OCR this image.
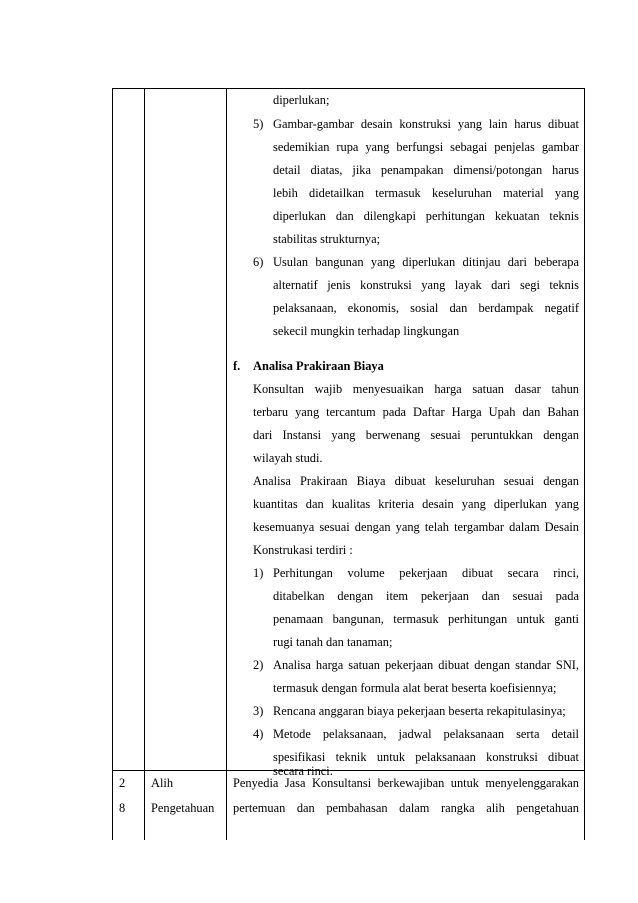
diperlukan;
5) Gambar-gambar desain konstruksi yang lain harus dibuat
sedemikian rupa yang berfungsi sebagai penjelas gambar
detail diatas, jika penampakan dimensi/potongan harus
lebih didetailkan termasuk keseluruhan material yang
diperlukan dan dilengkapi perhitungan kekuatan teknis
stabilitas strukturnya;
6) Usulan bangunan yang diperlukan ditinjau dari beberapa
alternatif jenis konstruksi yang layak dari segi teknis
pelaksanaan, ekonomis, sosial dan berdampak negatif
sekecil mungkin terhadap lingkungan
f. Analisa Prakiraan Biaya
Konsultan wajib menyesuaikan harga satuan dasar tahun
terbaru yang tercantum pada Daftar Harga Upah dan Bahan
dari Instansi yang berwenang sesuai peruntukkan dengan
wilayah studi.
Analisa Prakiraan Biaya dibuat keseluruhan sesuai dengan
kuantitas dan kualitas kriteria desain yang diperlukan yang
kesemuanya sesuai dengan yang telah tergambar dalam Desain
Konstrukasi terdiri :
1) Perhitungan volume pekerjaan dibuat secara rinci,
ditabelkan dengan item pekerjaan dan sesuai pada
penamaan bangunan, termasuk perhitungan untuk ganti
rugi tanah dan tanaman;
2) Analisa harga satuan pekerjaan dibuat dengan standar SNI,
termasuk dengan formula alat berat beserta koefisiennya;
3) Rencana anggaran biaya pekerjaan beserta rekapitulasinya;
4) Metode pelaksanaan, jadwal pelaksanaan serta detail
spesifikasi teknik untuk pelaksanaan konstruksi dibuat
secara rinci.
2
8
Alih
Pengetahuan
Penyedia Jasa Konsultansi berkewajiban untuk menyelenggarakan
pertemuan dan pembahasan dalam rangka alih pengetahuan
